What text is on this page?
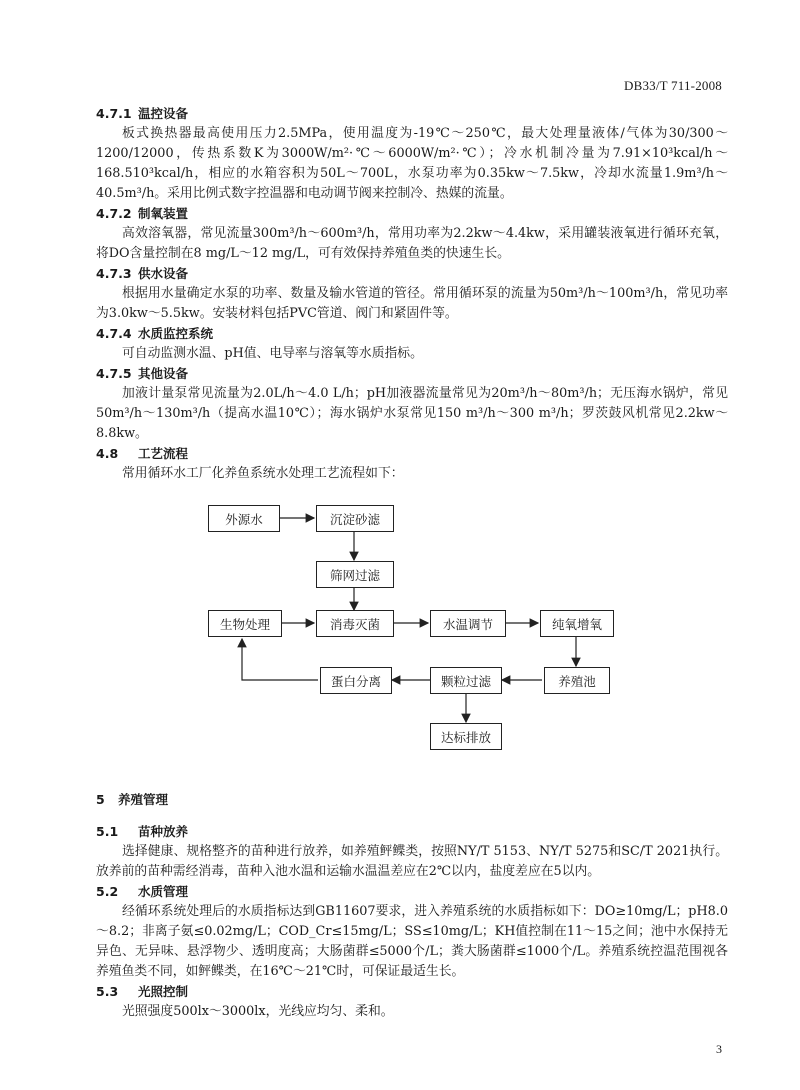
DB33/T 711-2008
4.7.1 温控设备

板式换热器最高使用压力2.5MPa，使用温度为-19℃～250℃，最大处理量液体/气体为30/300～1200/12000，传热系数K为3000W/m²·℃～6000W/m²·℃）；冷水机制冷量为7.91×10³kcal/h～168.510³kcal/h，相应的水箱容积为50L～700L，水泵功率为0.35kw～7.5kw，冷却水流量1.9m³/h～40.5m³/h。采用比例式数字控温器和电动调节阀来控制冷、热媒的流量。

4.7.2 制氧装置

高效溶氧器，常见流量300m³/h～600m³/h，常用功率为2.2kw～4.4kw，采用罐装液氧进行循环充氧，将DO含量控制在8 mg/L～12 mg/L，可有效保持养殖鱼类的快速生长。

4.7.3 供水设备

根据用水量确定水泵的功率、数量及输水管道的管径。常用循环泵的流量为50m³/h～100m³/h，常见功率为3.0kw～5.5kw。安装材料包括PVC管道、阀门和紧固件等。

4.7.4 水质监控系统

可自动监测水温、pH值、电导率与溶氧等水质指标。

4.7.5 其他设备

加液计量泵常见流量为2.0L/h～4.0 L/h；pH加液器流量常见为20m³/h～80m³/h；无压海水锅炉，常见50m³/h～130m³/h（提高水温10℃）；海水锅炉水泵常见150 m³/h～300 m³/h；罗茨鼓风机常见2.2kw～8.8kw。

4.8 工艺流程

常用循环水工厂化养鱼系统水处理工艺流程如下：

外源水	沉淀砂滤
筛网过滤
生物处理	消毒灭菌	水温调节	纯氧增氧
蛋白分离	颗粒过滤	养殖池
达标排放
5 养殖管理
5.1 苗种放养

选择健康、规格整齐的苗种进行放养，如养殖鲆鲽类，按照NY/T 5153、NY/T 5275和SC/T 2021执行。放养前的苗种需经消毒，苗种入池水温和运输水温温差应在2℃以内，盐度差应在5以内。

5.2 水质管理

经循环系统处理后的水质指标达到GB11607要求，进入养殖系统的水质指标如下：DO≥10mg/L；pH8.0～8.2；非离子氨≤0.02mg/L；COD_Cr≤15mg/L；SS≤10mg/L；KH值控制在11～15之间；池中水保持无异色、无异味、悬浮物少、透明度高；大肠菌群≤5000个/L；粪大肠菌群≤1000个/L。养殖系统控温范围视各养殖鱼类不同，如鲆鲽类，在16℃～21℃时，可保证最适生长。

5.3 光照控制

光照强度500lx～3000lx，光线应均匀、柔和。

3
